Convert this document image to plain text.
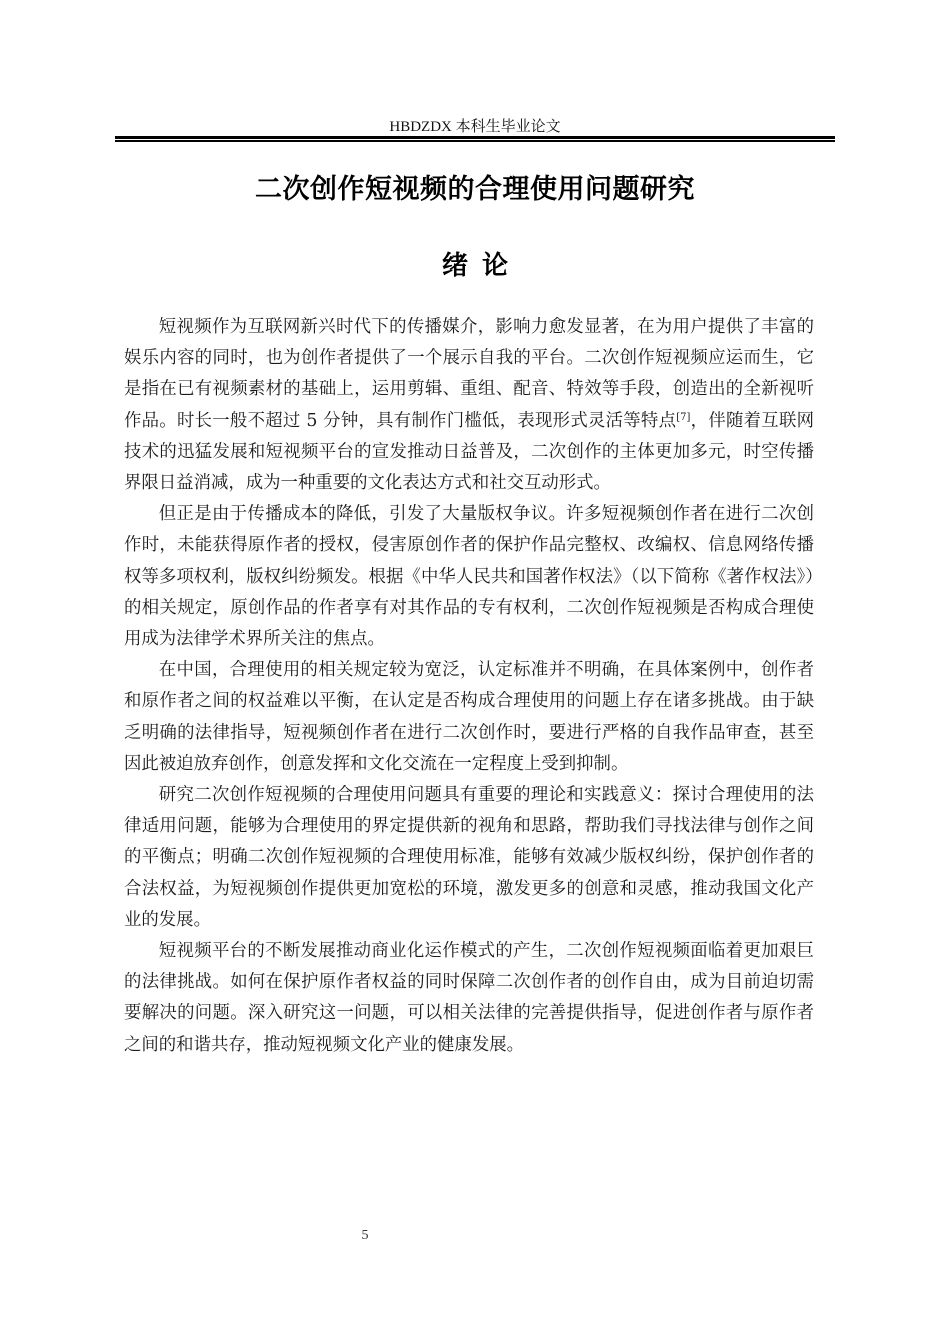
HBDZDX 本科生毕业论文
二次创作短视频的合理使用问题研究
绪论

短视频作为互联网新兴时代下的传播媒介，影响力愈发显著，在为用户提供了丰富的娱乐内容的同时，也为创作者提供了一个展示自我的平台。二次创作短视频应运而生，它是指在已有视频素材的基础上，运用剪辑、重组、配音、特效等手段，创造出的全新视听作品。时长一般不超过 5 分钟，具有制作门槛低，表现形式灵活等特点[7]，伴随着互联网技术的迅猛发展和短视频平台的宣发推动日益普及，二次创作的主体更加多元，时空传播界限日益消减，成为一种重要的文化表达方式和社交互动形式。

但正是由于传播成本的降低，引发了大量版权争议。许多短视频创作者在进行二次创作时，未能获得原作者的授权，侵害原创作者的保护作品完整权、改编权、信息网络传播权等多项权利，版权纠纷频发。根据《中华人民共和国著作权法》（以下简称《著作权法》）的相关规定，原创作品的作者享有对其作品的专有权利，二次创作短视频是否构成合理使用成为法律学术界所关注的焦点。

在中国，合理使用的相关规定较为宽泛，认定标准并不明确，在具体案例中，创作者和原作者之间的权益难以平衡，在认定是否构成合理使用的问题上存在诸多挑战。由于缺乏明确的法律指导，短视频创作者在进行二次创作时，要进行严格的自我作品审查，甚至因此被迫放弃创作，创意发挥和文化交流在一定程度上受到抑制。

研究二次创作短视频的合理使用问题具有重要的理论和实践意义：探讨合理使用的法律适用问题，能够为合理使用的界定提供新的视角和思路，帮助我们寻找法律与创作之间的平衡点；明确二次创作短视频的合理使用标准，能够有效减少版权纠纷，保护创作者的合法权益，为短视频创作提供更加宽松的环境，激发更多的创意和灵感，推动我国文化产业的发展。

短视频平台的不断发展推动商业化运作模式的产生，二次创作短视频面临着更加艰巨的法律挑战。如何在保护原作者权益的同时保障二次创作者的创作自由，成为目前迫切需要解决的问题。深入研究这一问题，可以相关法律的完善提供指导，促进创作者与原作者之间的和谐共存，推动短视频文化产业的健康发展。

5
